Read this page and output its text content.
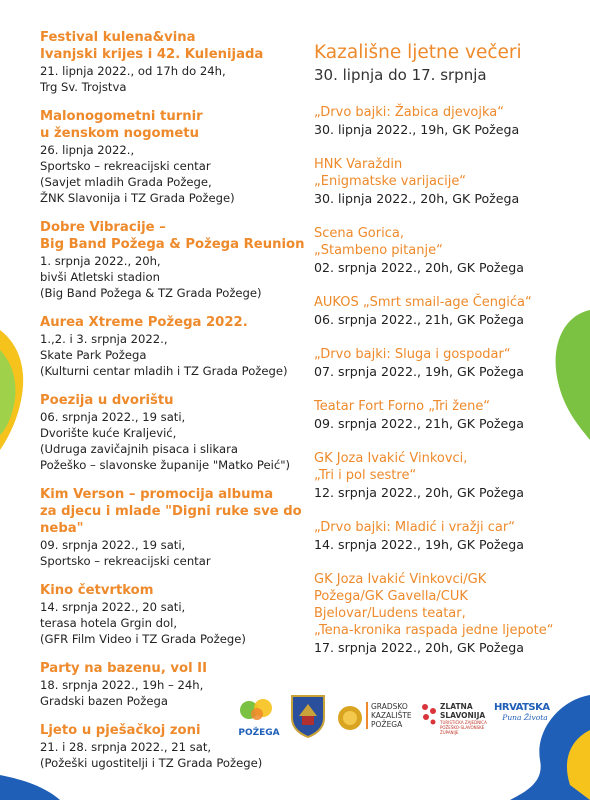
Festival kulena&vina
Ivanjski krijes i 42. Kulenijada
21. lipnja 2022., od 17h do 24h,
Trg Sv. Trojstva
Malonogometni turnir
u ženskom nogometu
26. lipnja 2022.,
Sportsko – rekreacijski centar
(Savjet mladih Grada Požege,
ŽNK Slavonija i TZ Grada Požege)
Dobre Vibracije –
Big Band Požega & Požega Reunion
1. srpnja 2022., 20h,
bivši Atletski stadion
(Big Band Požega & TZ Grada Požege)
Aurea Xtreme Požega 2022.
1.,2. i 3. srpnja 2022.,
Skate Park Požega
(Kulturni centar mladih i TZ Grada Požege)
Poezija u dvorištu
06. srpnja 2022., 19 sati,
Dvorište kuće Kraljević,
(Udruga zavičajnih pisaca i slikara
Požeško – slavonske županije "Matko Peić")
Kim Verson – promocija albuma
za djecu i mlade "Digni ruke sve do neba"
09. srpnja 2022., 19 sati,
Sportsko – rekreacijski centar
Kino četvrtkom
14. srpnja 2022., 20 sati,
terasa hotela Grgin dol,
(GFR Film Video i TZ Grada Požege)
Party na bazenu, vol II
18. srpnja 2022., 19h – 24h,
Gradski bazen Požega
Ljeto u pješačkoj zoni
21. i 28. srpnja 2022., 21 sat,
(Požeški ugostitelji i TZ Grada Požege)
Kazališne ljetne večeri
30. lipnja do 17. srpnja
„Drvo bajki: Žabica djevojka“
30. lipnja 2022., 19h, GK Požega
HNK Varaždin
„Enigmatske varijacije“
30. lipnja 2022., 20h, GK Požega
Scena Gorica,
„Stambeno pitanje“
02. srpnja 2022., 20h, GK Požega
AUKOS „Smrt smail-age Čengića“
06. srpnja 2022., 21h, GK Požega
„Drvo bajki: Sluga i gospodar“
07. srpnja 2022., 19h, GK Požega
Teatar Fort Forno „Tri žene“
09. srpnja 2022., 21h, GK Požega
GK Joza Ivakić Vinkovci,
„Tri i pol sestre“
12. srpnja 2022., 20h, GK Požega
„Drvo bajki: Mladić i vražji car“
14. srpnja 2022., 19h, GK Požega
GK Joza Ivakić Vinkovci/GK
Požega/GK Gavella/CUK
Bjelovar/Ludens teatar,
„Tena-kronika raspada jedne ljepote“
17. srpnja 2022., 20h, GK Požega
POŽEGA
GRADSKO
KAZALIŠTE
POŽEGA
ZLATNA
SLAVONIJA
TURISTIČKA ZAJEDNICA
POŽEŠKO-SLAVONSKE
ŽUPANIJE
HRVATSKA
Puna Života
